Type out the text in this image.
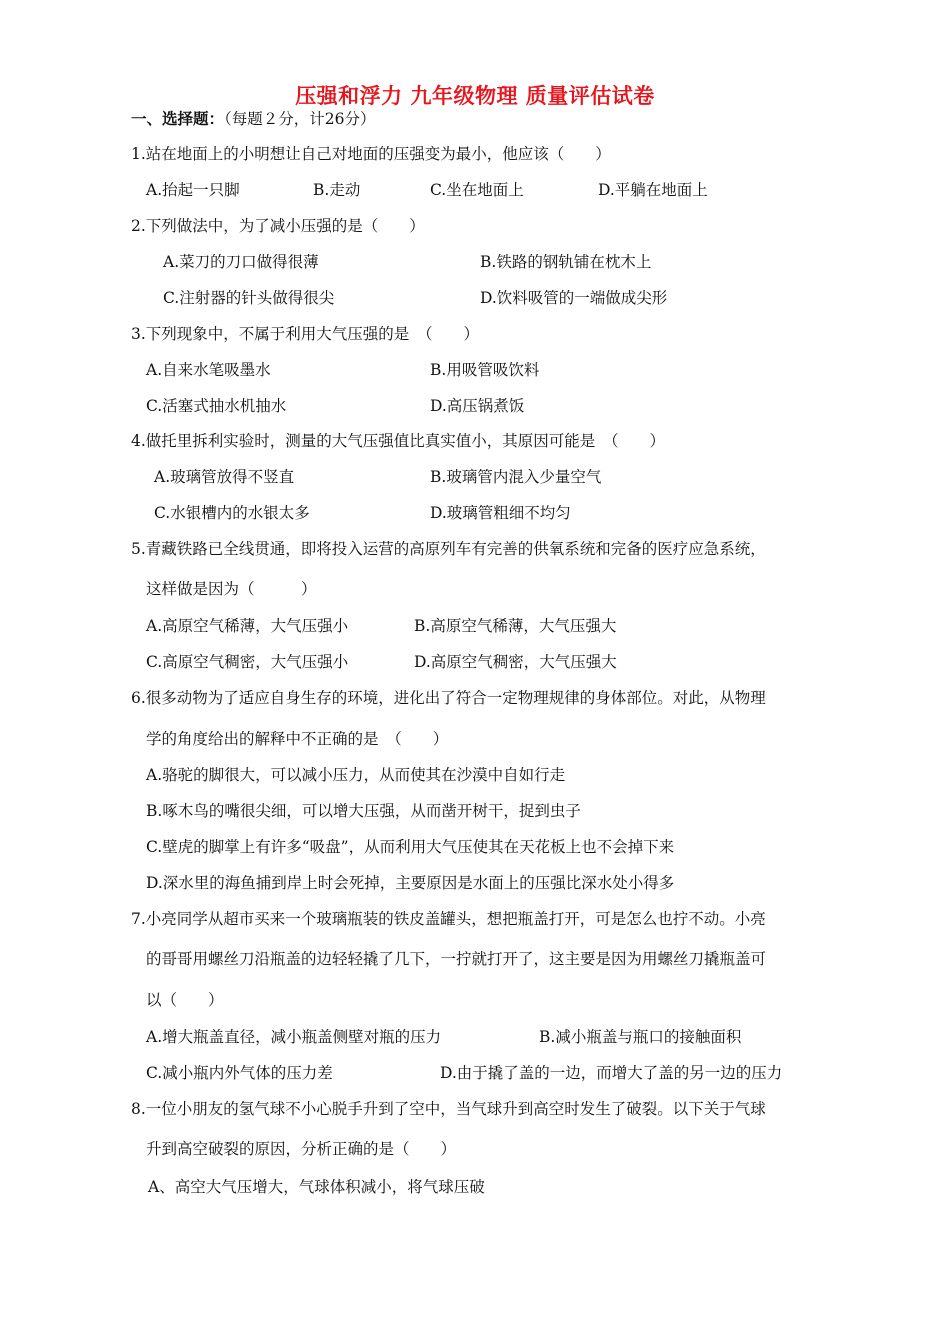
压强和浮力 九年级物理 质量评估试卷
一、选择题：（每题２分，计26分）
1.站在地面上的小明想让自己对地面的压强变为最小，他应该（　　）
A.抬起一只脚	B.走动	C.坐在地面上	D.平躺在地面上
2.下列做法中，为了减小压强的是（　　）
A.菜刀的刀口做得很薄	B.铁路的钢轨铺在枕木上
C.注射器的针头做得很尖	D.饮料吸管的一端做成尖形
3.下列现象中，不属于利用大气压强的是　（　　）
A.自来水笔吸墨水	B.用吸管吸饮料
C.活塞式抽水机抽水	D.高压锅煮饭
4.做托里拆利实验时，测量的大气压强值比真实值小，其原因可能是　（　　）
A.玻璃管放得不竖直	B.玻璃管内混入少量空气
C.水银槽内的水银太多	D.玻璃管粗细不均匀
5.青藏铁路已全线贯通，即将投入运营的高原列车有完善的供氧系统和完备的医疗应急系统，
这样做是因为（　　　）
A.高原空气稀薄，大气压强小	B.高原空气稀薄，大气压强大
C.高原空气稠密，大气压强小	D.高原空气稠密，大气压强大
6.很多动物为了适应自身生存的环境，进化出了符合一定物理规律的身体部位。对此，从物理
学的角度给出的解释中不正确的是　（　　）
A.骆驼的脚很大，可以减小压力，从而使其在沙漠中自如行走
B.啄木鸟的嘴很尖细，可以增大压强，从而凿开树干，捉到虫子
C.壁虎的脚掌上有许多“吸盘”，从而利用大气压使其在天花板上也不会掉下来
D.深水里的海鱼捕到岸上时会死掉，主要原因是水面上的压强比深水处小得多
7.小亮同学从超市买来一个玻璃瓶装的铁皮盖罐头，想把瓶盖打开，可是怎么也拧不动。小亮
的哥哥用螺丝刀沿瓶盖的边轻轻撬了几下，一拧就打开了，这主要是因为用螺丝刀撬瓶盖可
以（　　）
A.增大瓶盖直径，减小瓶盖侧壁对瓶的压力	B.减小瓶盖与瓶口的接触面积
C.减小瓶内外气体的压力差	D.由于撬了盖的一边，而增大了盖的另一边的压力
8.一位小朋友的氢气球不小心脱手升到了空中，当气球升到高空时发生了破裂。以下关于气球
升到高空破裂的原因，分析正确的是（　　）
A、高空大气压增大，气球体积减小，将气球压破
